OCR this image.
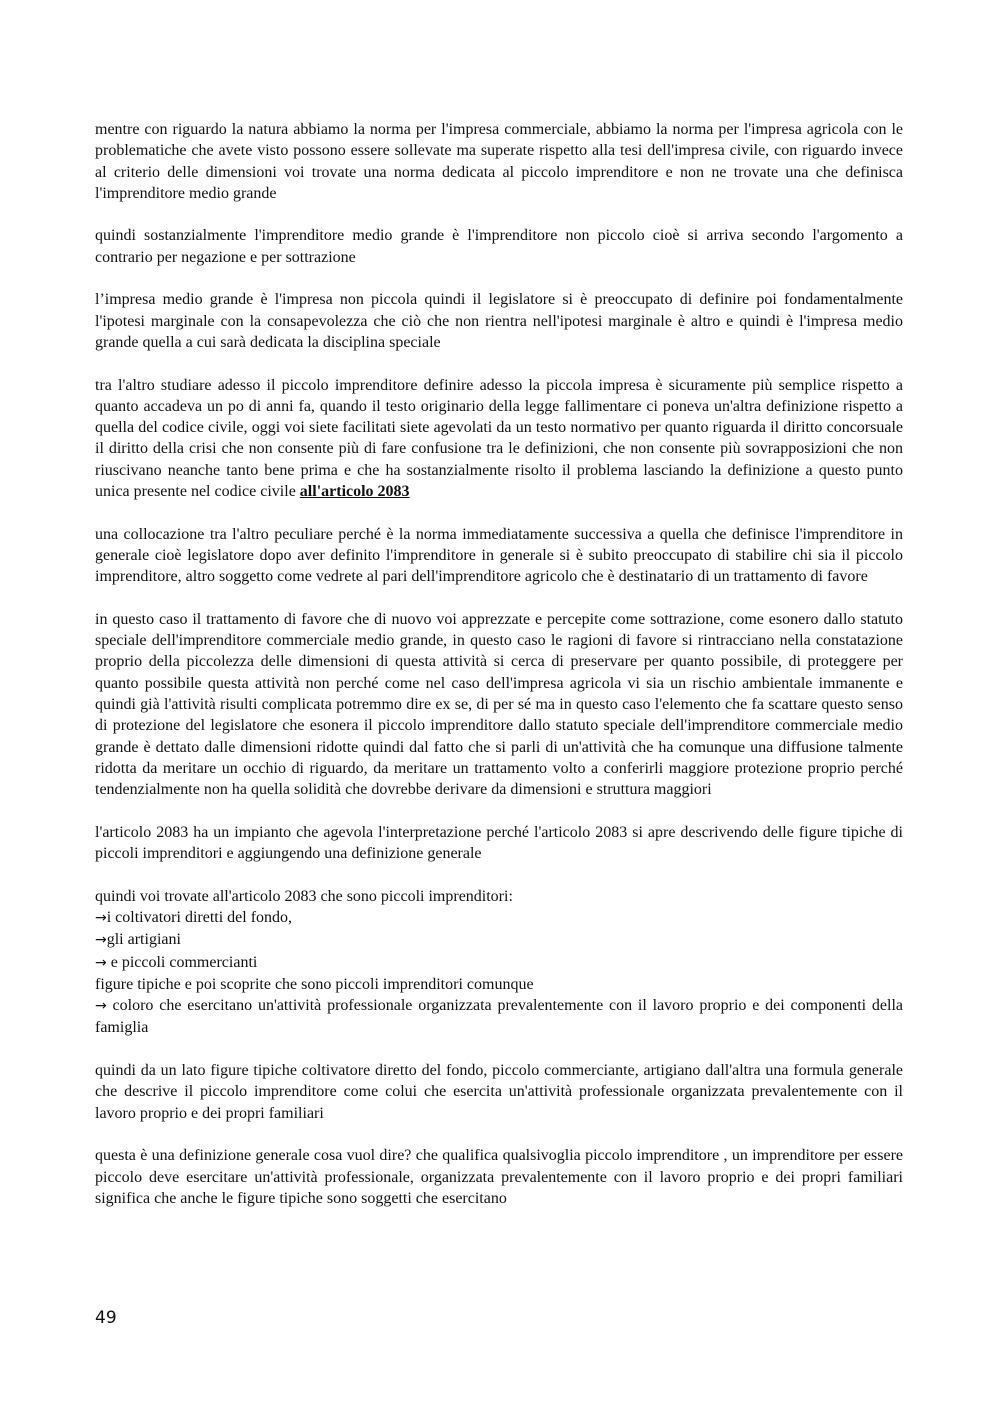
mentre con riguardo la natura abbiamo la norma per l'impresa commerciale, abbiamo la norma per l'impresa agricola con le problematiche che avete visto possono essere sollevate ma superate rispetto alla tesi dell'impresa civile, con riguardo invece al criterio delle dimensioni voi trovate una norma dedicata al piccolo imprenditore e non ne trovate una che definisca l'imprenditore medio grande

quindi sostanzialmente l'imprenditore medio grande è l'imprenditore non piccolo cioè si arriva secondo l'argomento a contrario per negazione e per sottrazione

l’impresa medio grande è l'impresa non piccola quindi il legislatore si è preoccupato di definire poi fondamentalmente l'ipotesi marginale con la consapevolezza che ciò che non rientra nell'ipotesi marginale è altro e quindi è l'impresa medio grande quella a cui sarà dedicata la disciplina speciale

tra l'altro studiare adesso il piccolo imprenditore definire adesso la piccola impresa è sicuramente più semplice rispetto a quanto accadeva un po di anni fa, quando il testo originario della legge fallimentare ci poneva un'altra definizione rispetto a quella del codice civile, oggi voi siete facilitati siete agevolati da un testo normativo per quanto riguarda il diritto concorsuale il diritto della crisi che non consente più di fare confusione tra le definizioni, che non consente più sovrapposizioni che non riuscivano neanche tanto bene prima e che ha sostanzialmente risolto il problema lasciando la definizione a questo punto unica presente nel codice civile all'articolo 2083

una collocazione tra l'altro peculiare perché è la norma immediatamente successiva a quella che definisce l'imprenditore in generale cioè legislatore dopo aver definito l'imprenditore in generale si è subito preoccupato di stabilire chi sia il piccolo imprenditore, altro soggetto come vedrete al pari dell'imprenditore agricolo che è destinatario di un trattamento di favore

in questo caso il trattamento di favore che di nuovo voi apprezzate e percepite come sottrazione, come esonero dallo statuto speciale dell'imprenditore commerciale medio grande, in questo caso le ragioni di favore si rintracciano nella constatazione proprio della piccolezza delle dimensioni di questa attività si cerca di preservare per quanto possibile, di proteggere per quanto possibile questa attività non perché come nel caso dell'impresa agricola vi sia un rischio ambientale immanente e quindi già l'attività risulti complicata potremmo dire ex se, di per sé ma in questo caso l'elemento che fa scattare questo senso di protezione del legislatore che esonera il piccolo imprenditore dallo statuto speciale dell'imprenditore commerciale medio grande è dettato dalle dimensioni ridotte quindi dal fatto che si parli di un'attività che ha comunque una diffusione talmente ridotta da meritare un occhio di riguardo, da meritare un trattamento volto a conferirli maggiore protezione proprio perché tendenzialmente non ha quella solidità che dovrebbe derivare da dimensioni e struttura maggiori

l'articolo 2083 ha un impianto che agevola l'interpretazione perché l'articolo 2083 si apre descrivendo delle figure tipiche di piccoli imprenditori e aggiungendo una definizione generale

quindi voi trovate all'articolo 2083 che sono piccoli imprenditori:
→i coltivatori diretti del fondo,
→gli artigiani
→ e piccoli commercianti
figure tipiche e poi scoprite che sono piccoli imprenditori comunque
→ coloro che esercitano un'attività professionale organizzata prevalentemente con il lavoro proprio e dei componenti della famiglia

quindi da un lato figure tipiche coltivatore diretto del fondo, piccolo commerciante, artigiano dall'altra una formula generale che descrive il piccolo imprenditore come colui che esercita un'attività professionale organizzata prevalentemente con il lavoro proprio e dei propri familiari

questa è una definizione generale cosa vuol dire? che qualifica qualsivoglia piccolo imprenditore , un imprenditore per essere piccolo deve esercitare un'attività professionale, organizzata prevalentemente con il lavoro proprio e dei propri familiari significa che anche le figure tipiche sono soggetti che esercitano

49
